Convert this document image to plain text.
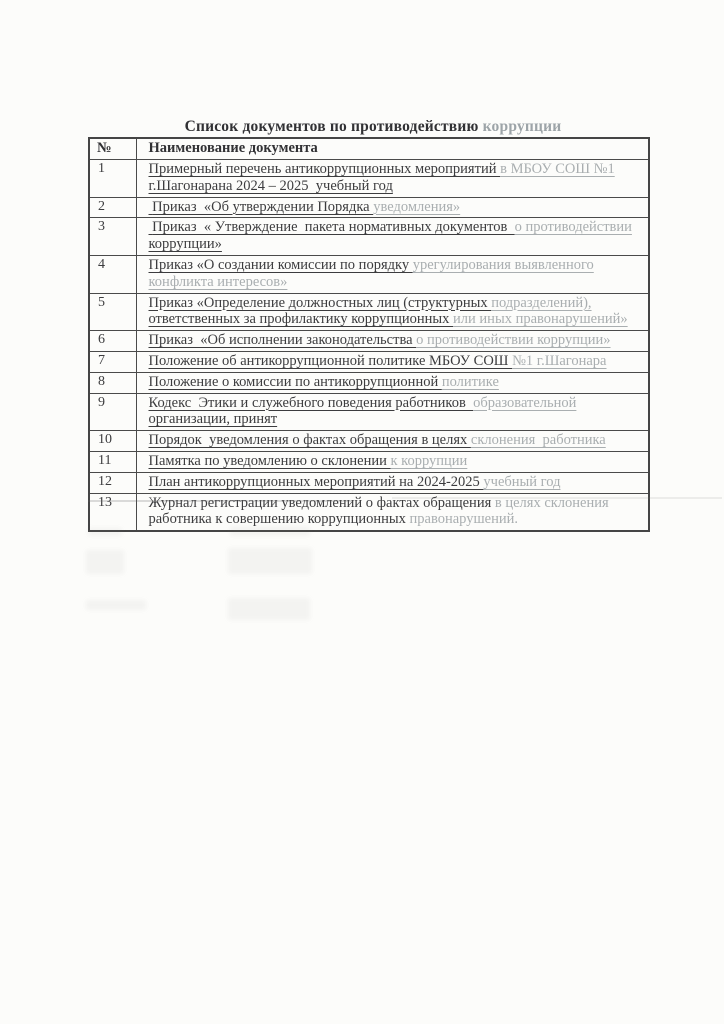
Список документов по противодействию коррупции
№	Наименование документа
1	Примерный перечень антикоррупционных мероприятий в МБОУ СОШ №1
г.Шагонарана 2024 – 2025  учебный год
2	Приказ  «Об утверждении Порядка уведомления»
3	Приказ  « Утверждение  пакета нормативных документов  о противодействии
коррупции»
4	Приказ «О создании комиссии по порядку урегулирования выявленного
конфликта интересов»
5	Приказ «Определение должностных лиц (структурных подразделений),
ответственных за профилактику коррупционных или иных правонарушений»
6	Приказ  «Об исполнении законодательства о противодействии коррупции»
7	Положение об антикоррупционной политике МБОУ СОШ №1 г.Шагонара
8	Положение о комиссии по антикоррупционной политике
9	Кодекс  Этики и служебного поведения работников  образовательной
организации, принят
10	Порядок  уведомления о фактах обращения в целях склонения  работника
11	Памятка по уведомлению о склонении к коррупции
12	План антикоррупционных мероприятий на 2024-2025 учебный год
13	Журнал регистрации уведомлений о фактах обращения в целях склонения
работника к совершению коррупционных правонарушений.
